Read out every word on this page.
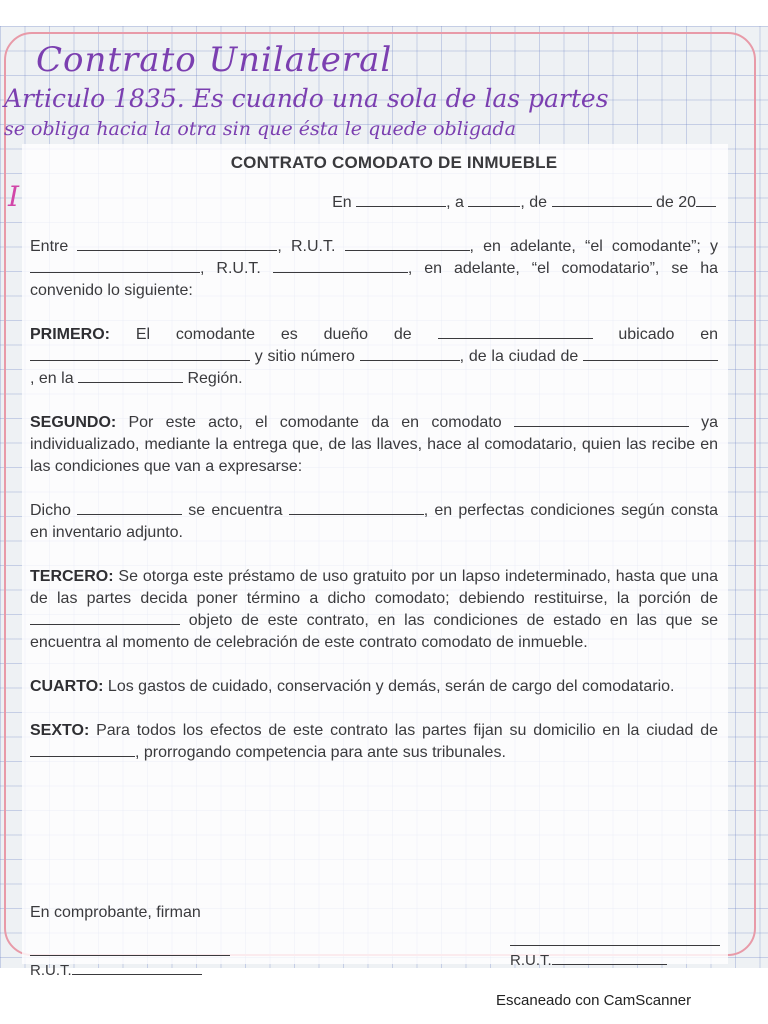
Contrato Unilateral
Articulo 1835. Es cuando una sola de las partes
se obliga hacia la otra sin que ésta le quede obligada
I
CONTRATO COMODATO DE INMUEBLE
En	, a	, de	de 20
Entre	, R.U.T.	, en adelante, “el comodante”; y , R.U.T.	, en adelante, “el comodatario”, se ha convenido lo siguiente:
PRIMERO: El comodante es dueño de	ubicado en  y sitio número	, de la ciudad de , en la	Región.
SEGUNDO: Por este acto, el comodante da en comodato	ya individualizado, mediante la entrega que, de las llaves, hace al comodatario, quien las recibe en las condiciones que van a expresarse:
Dicho	se encuentra	, en perfectas condiciones según consta en inventario adjunto.
TERCERO: Se otorga este préstamo de uso gratuito por un lapso indeterminado, hasta que una de las partes decida poner término a dicho comodato; debiendo restituirse, la porción de  objeto de este contrato, en las condiciones de estado en las que se encuentra al momento de celebración de este contrato comodato de inmueble.
CUARTO: Los gastos de cuidado, conservación y demás, serán de cargo del comodatario.
SEXTO: Para todos los efectos de este contrato las partes fijan su domicilio en la ciudad de , prorrogando competencia para ante sus tribunales.
En comprobante, firman
R.U.T.
R.U.T.
Escaneado con CamScanner
